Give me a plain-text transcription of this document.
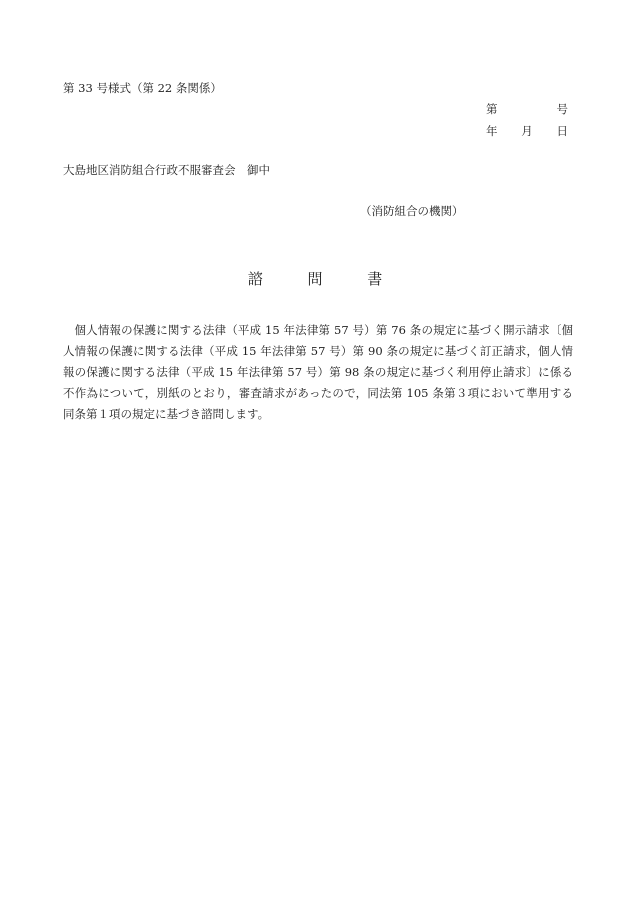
第 33 号様式（第 22 条関係）
第	号
年 月 日
大島地区消防組合行政不服審査会　御中
（消防組合の機関）
諮	問	書

個人情報の保護に関する法律（平成 15 年法律第 57 号）第 76 条の規定に基づく開示請求〔個人情報の保護に関する法律（平成 15 年法律第 57 号）第 90 条の規定に基づく訂正請求，個人情報の保護に関する法律（平成 15 年法律第 57 号）第 98 条の規定に基づく利用停止請求〕に係る不作為について，別紙のとおり，審査請求があったので，同法第 105 条第３項において準用する同条第１項の規定に基づき諮問します。
